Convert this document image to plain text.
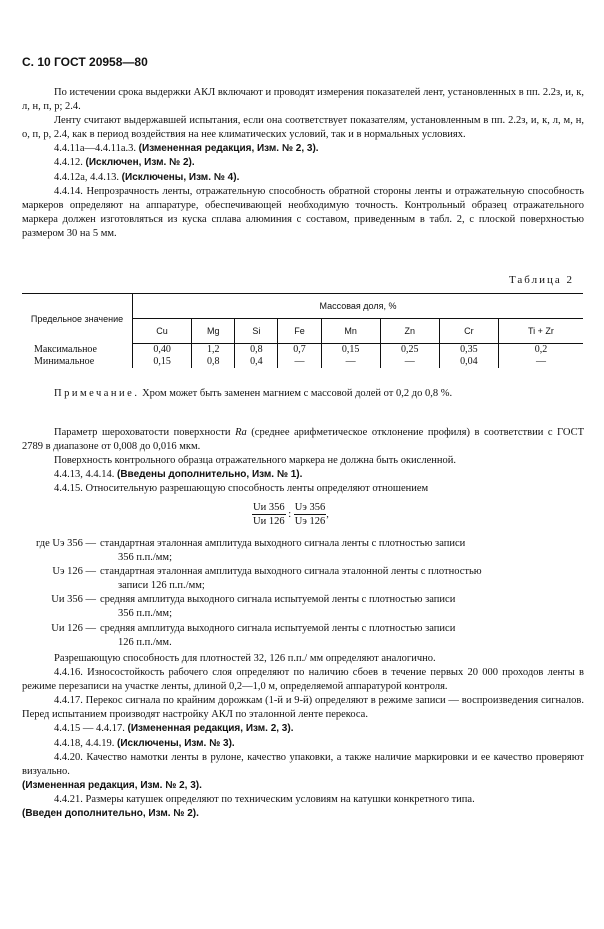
С. 10 ГОСТ 20958—80

По истечении срока выдержки АКЛ включают и проводят измерения показателей лент, установленных в пп. 2.2з, и, к, л, н, п, р; 2.4.

Ленту считают выдержавшей испытания, если она соответствует показателям, установленным в пп. 2.2з, и, к, л, м, н, о, п, р, 2.4, как в период воздействия на нее климатических условий, так и в нормальных условиях.

4.4.11а—4.4.11а.3. (Измененная редакция, Изм. № 2, 3).

4.4.12. (Исключен, Изм. № 2).

4.4.12а, 4.4.13. (Исключены, Изм. № 4).

4.4.14. Непрозрачность ленты, отражательную способность обратной стороны ленты и отражательную способность маркеров определяют на аппаратуре, обеспечивающей необходимую точность. Контрольный образец отражательного маркера должен изготовляться из куска сплава алюминия с составом, приведенным в табл. 2, с плоской поверхностью размером 30 на 5 мм.

Таблица 2
Предельное значение	Массовая доля, %							
	Cu	Mg	Si	Fe	Mn	Zn	Cr	Ti + Zr
Максимальное	0,40	1,2	0,8	0,7	0,15	0,25	0,35	0,2
Минимальное	0,15	0,8	0,4	—	—	—	0,04	—
Примечание. Хром может быть заменен магнием с массовой долей от 0,2 до 0,8 %.

Параметр шероховатости поверхности Ra (среднее арифметическое отклонение профиля) в соответствии с ГОСТ 2789 в диапазоне от 0,008 до 0,016 мкм.

Поверхность контрольного образца отражательного маркера не должна быть окисленной.

4.4.13, 4.4.14. (Введены дополнительно, Изм. № 1).

4.4.15. Относительную разрешающую способность ленты определяют отношением

$\frac{Uи 356}{Uи 126}$ : $\frac{Uэ 356}{Uэ 126}$ ,
где Uэ 356 — стандартная эталонная амплитуда выходного сигнала ленты с плотностью записи
356 п.п./мм;
Uэ 126 — стандартная эталонная амплитуда выходного сигнала эталонной ленты с плотностью
записи 126 п.п./мм;
Uи 356 — средняя амплитуда выходного сигнала испытуемой ленты с плотностью записи
356 п.п./мм;
Uи 126 — средняя амплитуда выходного сигнала испытуемой ленты с плотностью записи
126 п.п./мм.

Разрешающую способность для плотностей 32, 126 п.п./ мм определяют аналогично.

4.4.16. Износостойкость рабочего слоя определяют по наличию сбоев в течение первых 20 000 проходов ленты в режиме перезаписи на участке ленты, длиной 0,2—1,0 м, определяемой аппаратурой контроля.

4.4.17. Перекос сигнала по крайним дорожкам (1-й и 9-й) определяют в режиме записи — воспроизведения сигналов. Перед испытанием производят настройку АКЛ по эталонной ленте перекоса.

4.4.15 — 4.4.17. (Измененная редакция, Изм. 2, 3).

4.4.18, 4.4.19. (Исключены, Изм. № 3).

4.4.20. Качество намотки ленты в рулоне, качество упаковки, а также наличие маркировки и ее качество проверяют визуально.

(Измененная редакция, Изм. № 2, 3).

4.4.21. Размеры катушек определяют по техническим условиям на катушки конкретного типа.

(Введен дополнительно, Изм. № 2).
